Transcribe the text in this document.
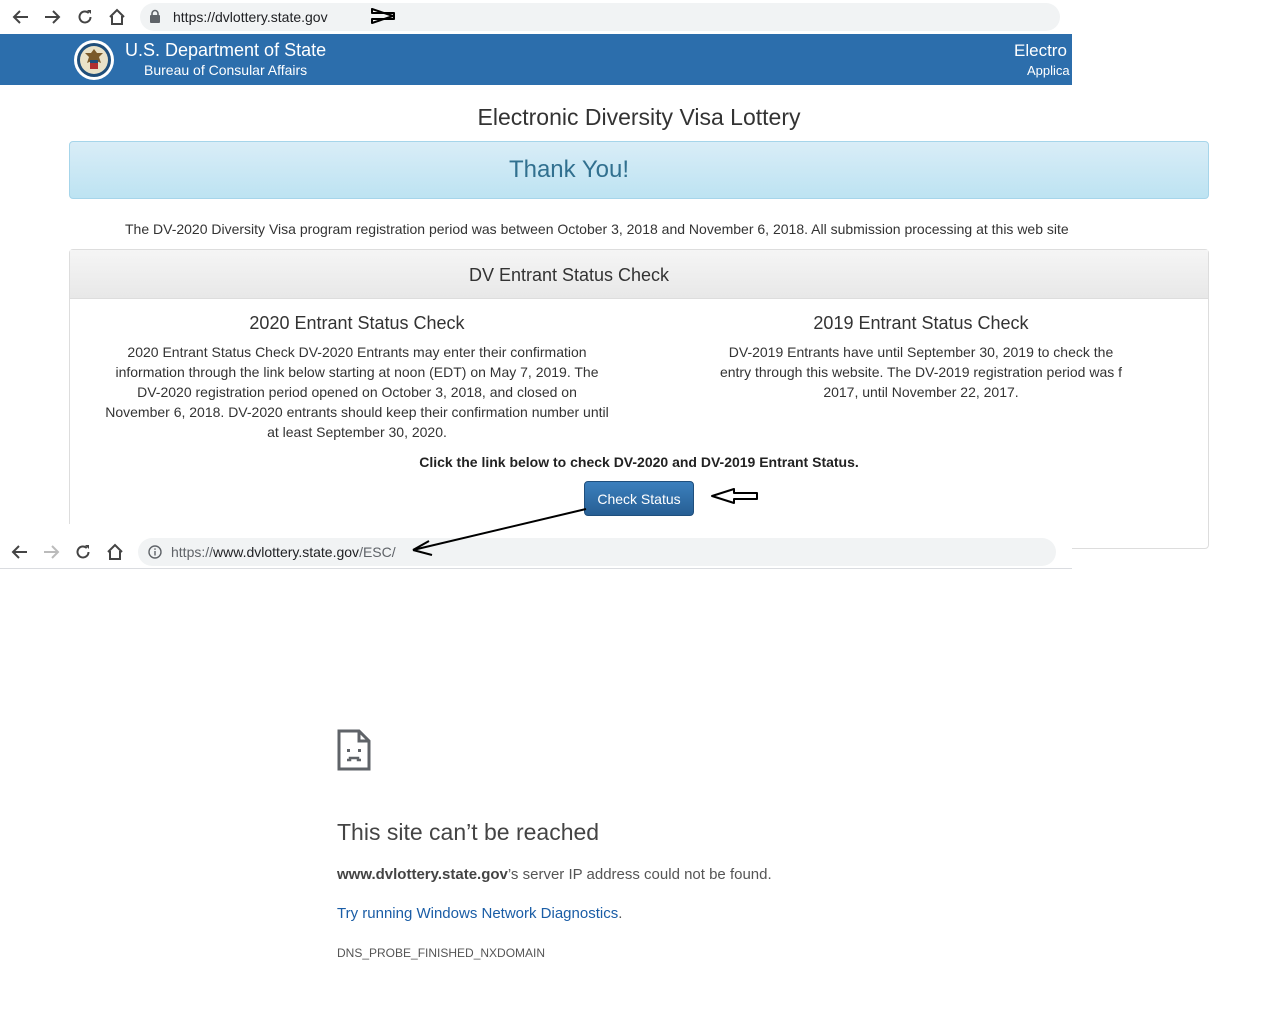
https://dvlottery.state.gov
U.S. Department of State
Bureau of Consular Affairs
Electro
Applica
Electronic Diversity Visa Lottery
Thank You!
The DV-2020 Diversity Visa program registration period was between October 3, 2018 and November 6, 2018. All submission processing at this web site
DV Entrant Status Check
2020 Entrant Status Check
2020 Entrant Status Check DV-2020 Entrants may enter their confirmation
information through the link below starting at noon (EDT) on May 7, 2019. The
DV-2020 registration period opened on October 3, 2018, and closed on
November 6, 2018. DV-2020 entrants should keep their confirmation number until
at least September 30, 2020.
2019 Entrant Status Check
DV-2019 Entrants have until September 30, 2019 to check the
entry through this website. The DV-2019 registration period was f
2017, until November 22, 2017.
Click the link below to check DV-2020 and DV-2019 Entrant Status.
Check Status
https://www.dvlottery.state.gov/ESC/
This site can’t be reached
www.dvlottery.state.gov’s server IP address could not be found.
Try running Windows Network Diagnostics.
DNS_PROBE_FINISHED_NXDOMAIN
